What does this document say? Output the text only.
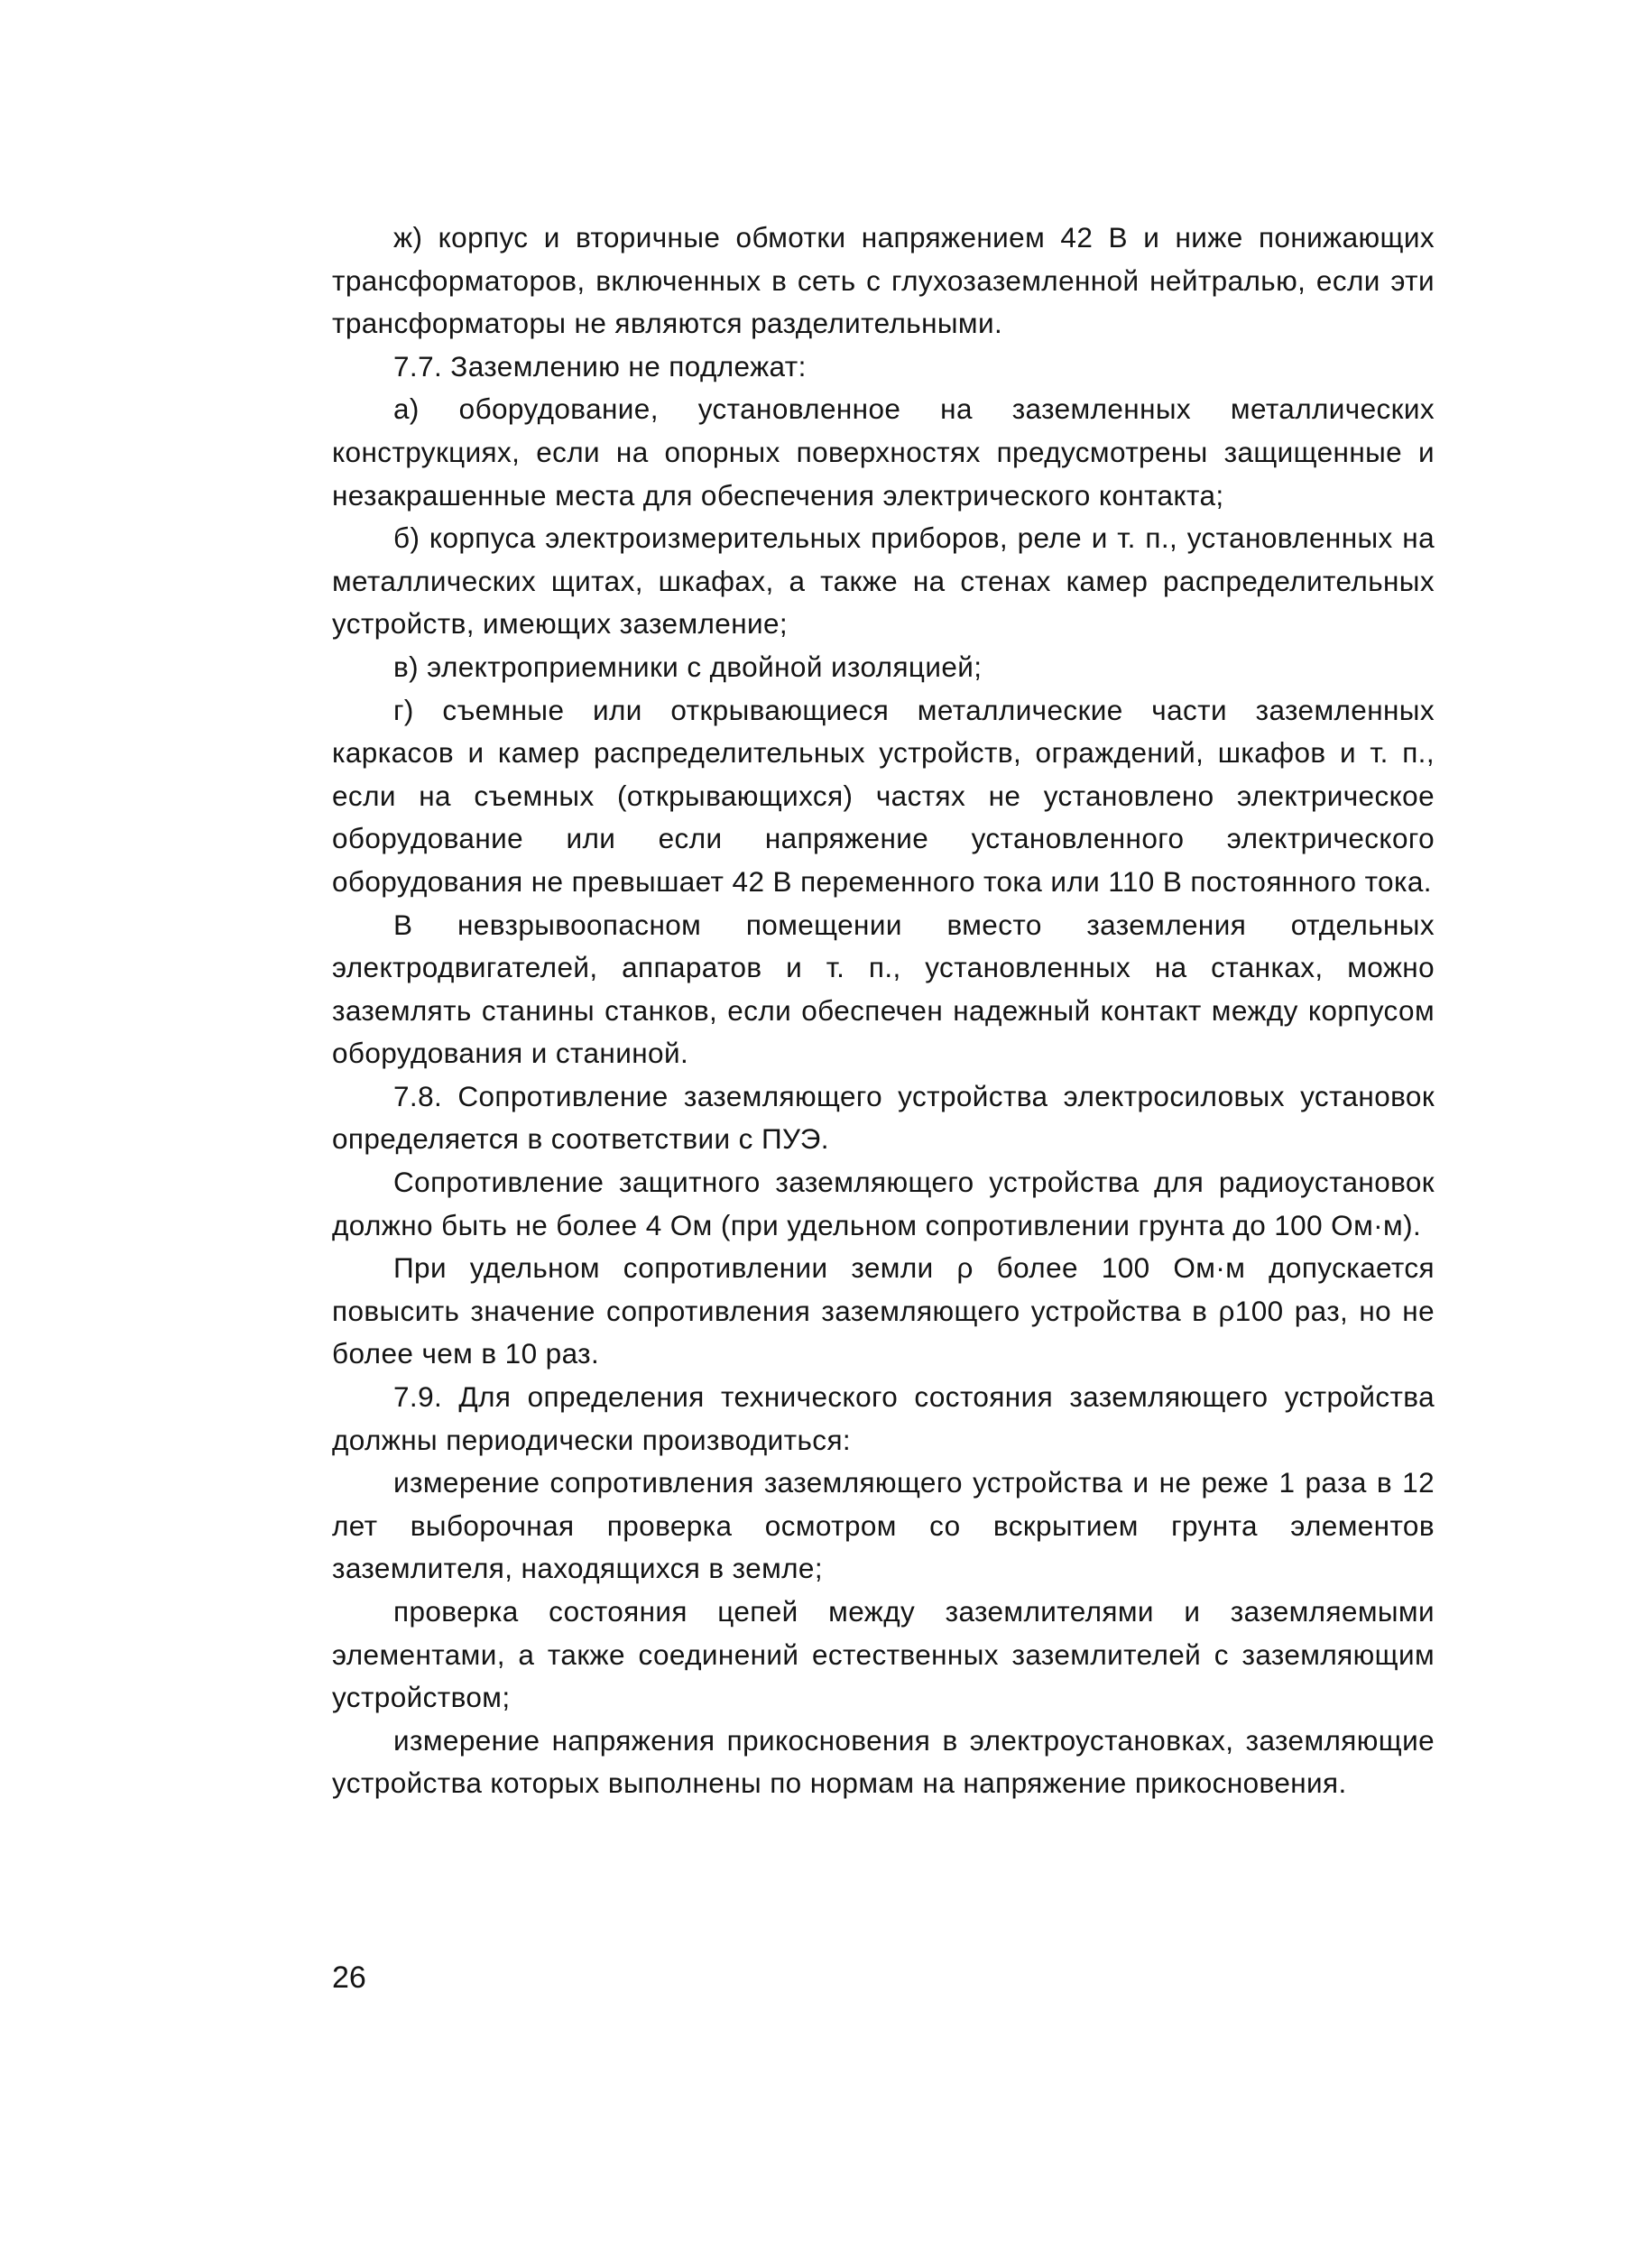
ж) корпус и вторичные обмотки напряжением 42 В и ниже понижающих трансформаторов, включенных в сеть с глухозаземленной нейтралью, если эти трансформаторы не являются разделительными.

7.7. Заземлению не подлежат:

а) оборудование, установленное на заземленных металлических конструкциях, если на опорных поверхностях предусмотрены защищенные и незакрашенные места для обеспечения электрического контакта;

б) корпуса электроизмерительных приборов, реле и т. п., установленных на металлических щитах, шкафах, а также на стенах камер распределительных устройств, имеющих заземление;

в) электроприемники с двойной изоляцией;

г) съемные или открывающиеся металлические части заземленных каркасов и камер распределительных устройств, ограждений, шкафов и т. п., если на съемных (открывающихся) частях не установлено электрическое оборудование или если напряжение установленного электрического оборудования не превышает 42 В переменного тока или 110 В постоянного тока.

В невзрывоопасном помещении вместо заземления отдельных электродвигателей, аппаратов и т. п., установленных на станках, можно заземлять станины станков, если обеспечен надежный контакт между корпусом оборудования и станиной.

7.8. Сопротивление заземляющего устройства электросиловых установок определяется в соответствии с ПУЭ.

Сопротивление защитного заземляющего устройства для радиоустановок должно быть не более 4 Ом (при удельном сопротивлении грунта до 100 Ом·м).

При удельном сопротивлении земли ρ более 100 Ом·м допускается повысить значение сопротивления заземляющего устройства в ρ100 раз, но не более чем в 10 раз.

7.9. Для определения технического состояния заземляющего устройства должны периодически производиться:

измерение сопротивления заземляющего устройства и не реже 1 раза в 12 лет выборочная проверка осмотром со вскрытием грунта элементов заземлителя, находящихся в земле;

проверка состояния цепей между заземлителями и заземляемыми элементами, а также соединений естественных заземлителей с заземляющим устройством;

измерение напряжения прикосновения в электроустановках, заземляющие устройства которых выполнены по нормам на напряжение прикосновения.

26
